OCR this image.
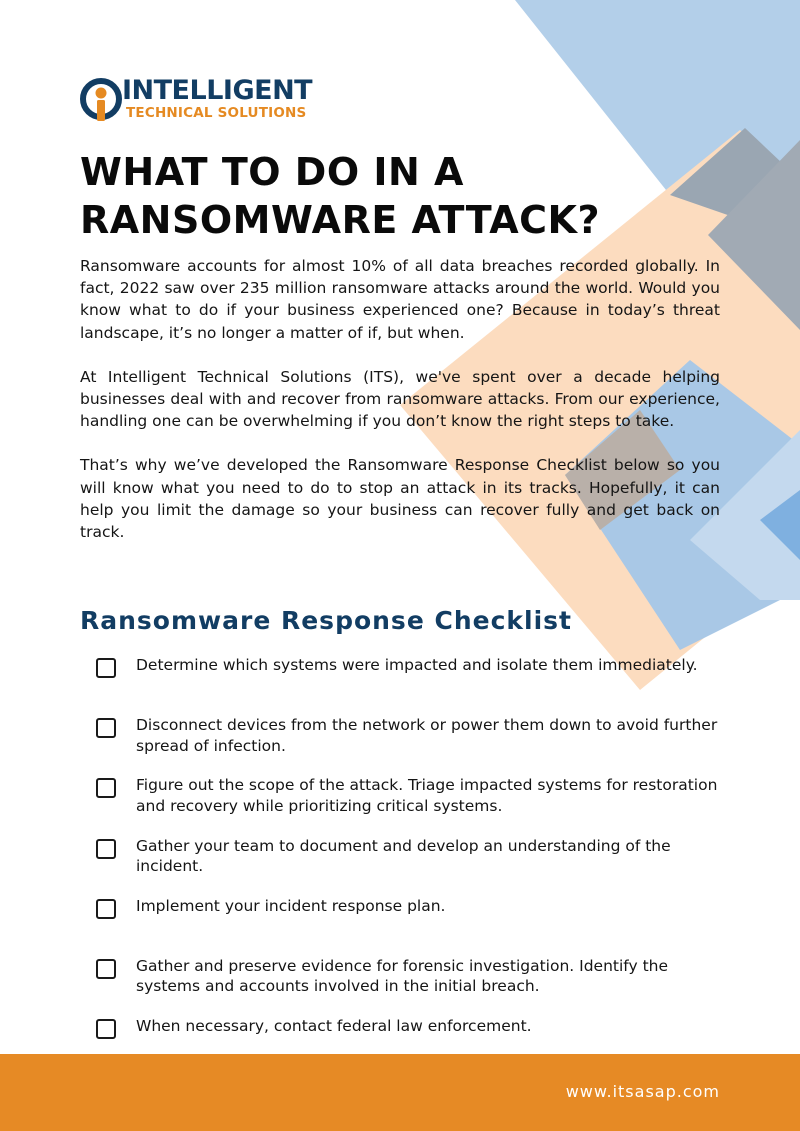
INTELLIGENT
TECHNICAL SOLUTIONS
WHAT TO DO IN A
RANSOMWARE ATTACK?

Ransomware accounts for almost 10% of all data breaches recorded globally. In fact, 2022 saw over 235 million ransomware attacks around the world. Would you know what to do if your business experienced one? Because in today’s threat landscape, it’s no longer a matter of if, but when.

At Intelligent Technical Solutions (ITS), we've spent over a decade helping businesses deal with and recover from ransomware attacks. From our experience, handling one can be overwhelming if you don’t know the right steps to take.

That’s why we’ve developed the Ransomware Response Checklist below so you will know what you need to do to stop an attack in its tracks. Hopefully, it can help you limit the damage so your business can recover fully and get back on track.

Ransomware Response Checklist
Determine which systems were impacted and isolate them immediately.
Disconnect devices from the network or power them down to avoid further spread of infection.
Figure out the scope of the attack. Triage impacted systems for restoration and recovery while prioritizing critical systems.
Gather your team to document and develop an understanding of the incident.
Implement your incident response plan.
Gather and preserve evidence for forensic investigation. Identify the systems and accounts involved in the initial breach.
When necessary, contact federal law enforcement.
www.itsasap.com
